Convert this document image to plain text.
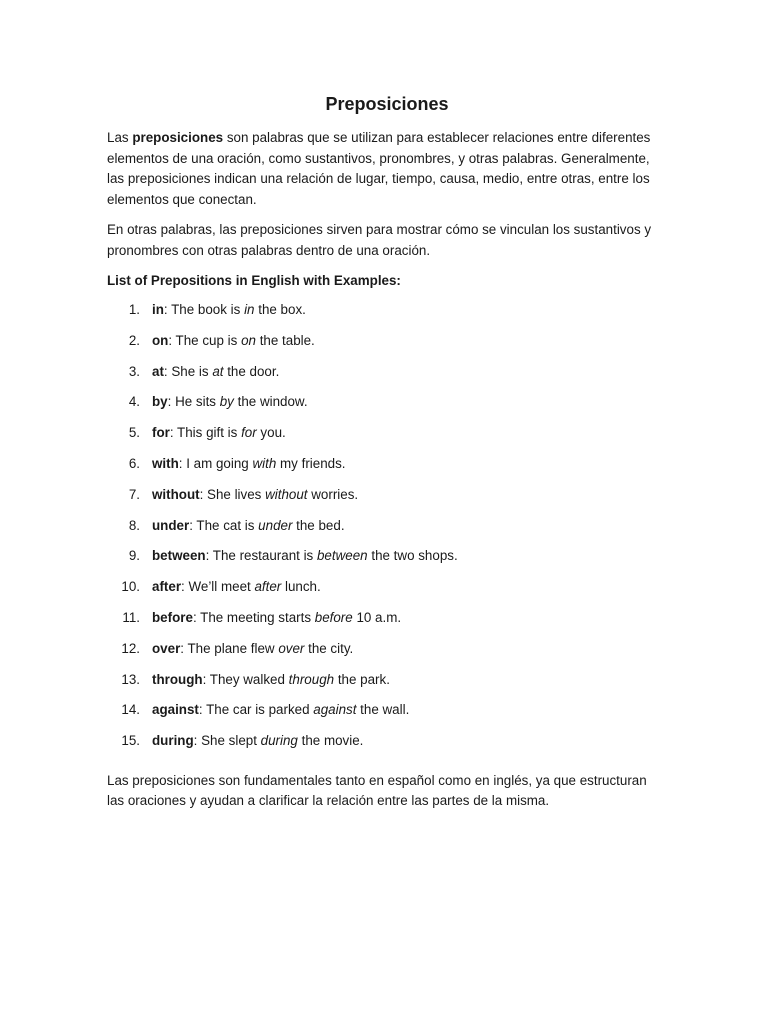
Preposiciones

Las preposiciones son palabras que se utilizan para establecer relaciones entre diferentes elementos de una oración, como sustantivos, pronombres, y otras palabras. Generalmente, las preposiciones indican una relación de lugar, tiempo, causa, medio, entre otras, entre los elementos que conectan.

En otras palabras, las preposiciones sirven para mostrar cómo se vinculan los sustantivos y pronombres con otras palabras dentro de una oración.

List of Prepositions in English with Examples:
1. in: The book is in the box.
2. on: The cup is on the table.
3. at: She is at the door.
4. by: He sits by the window.
5. for: This gift is for you.
6. with: I am going with my friends.
7. without: She lives without worries.
8. under: The cat is under the bed.
9. between: The restaurant is between the two shops.
10. after: We’ll meet after lunch.
11. before: The meeting starts before 10 a.m.
12. over: The plane flew over the city.
13. through: They walked through the park.
14. against: The car is parked against the wall.
15. during: She slept during the movie.

Las preposiciones son fundamentales tanto en español como en inglés, ya que estructuran las oraciones y ayudan a clarificar la relación entre las partes de la misma.
